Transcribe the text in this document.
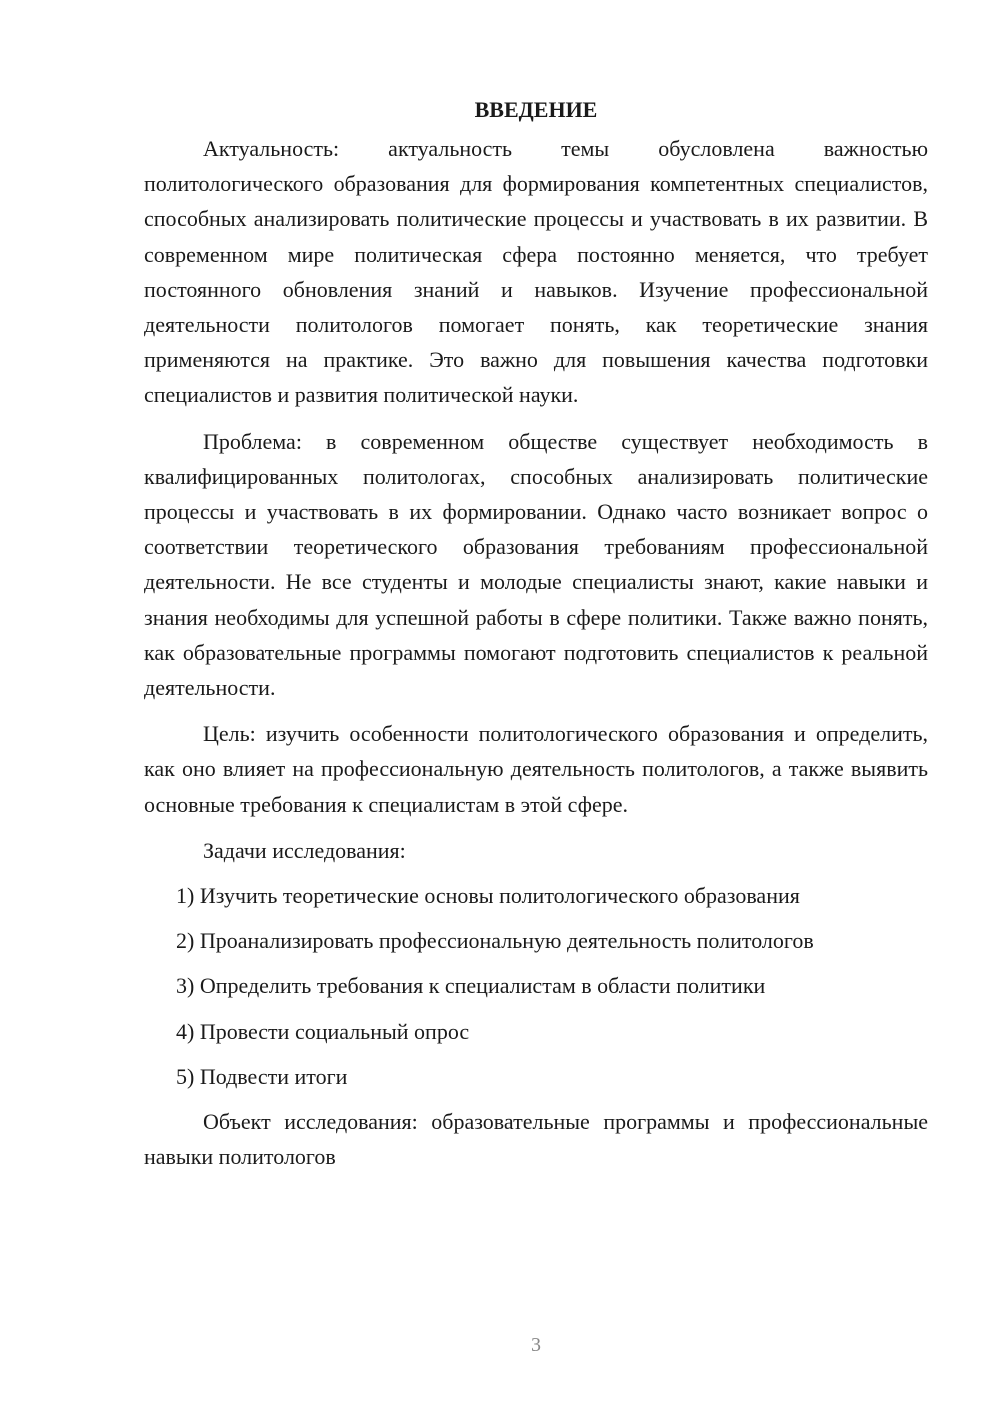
ВВЕДЕНИЕ

Актуальность: актуальность темы обусловлена важностью политологического образования для формирования компетентных специалистов, способных анализировать политические процессы и участвовать в их развитии. В современном мире политическая сфера постоянно меняется, что требует постоянного обновления знаний и навыков. Изучение профессиональной деятельности политологов помогает понять, как теоретические знания применяются на практике. Это важно для повышения качества подготовки специалистов и развития политической науки.

Проблема: в современном обществе существует необходимость в квалифицированных политологах, способных анализировать политические процессы и участвовать в их формировании. Однако часто возникает вопрос о соответствии теоретического образования требованиям профессиональной деятельности. Не все студенты и молодые специалисты знают, какие навыки и знания необходимы для успешной работы в сфере политики. Также важно понять, как образовательные программы помогают подготовить специалистов к реальной деятельности.

Цель: изучить особенности политологического образования и определить, как оно влияет на профессиональную деятельность политологов, а также выявить основные требования к специалистам в этой сфере.

Задачи исследования:

1) Изучить теоретические основы политологического образования
2) Проанализировать профессиональную деятельность политологов
3) Определить требования к специалистам в области политики
4) Провести социальный опрос
5) Подвести итоги

Объект исследования: образовательные программы и профессиональные навыки политологов

3
